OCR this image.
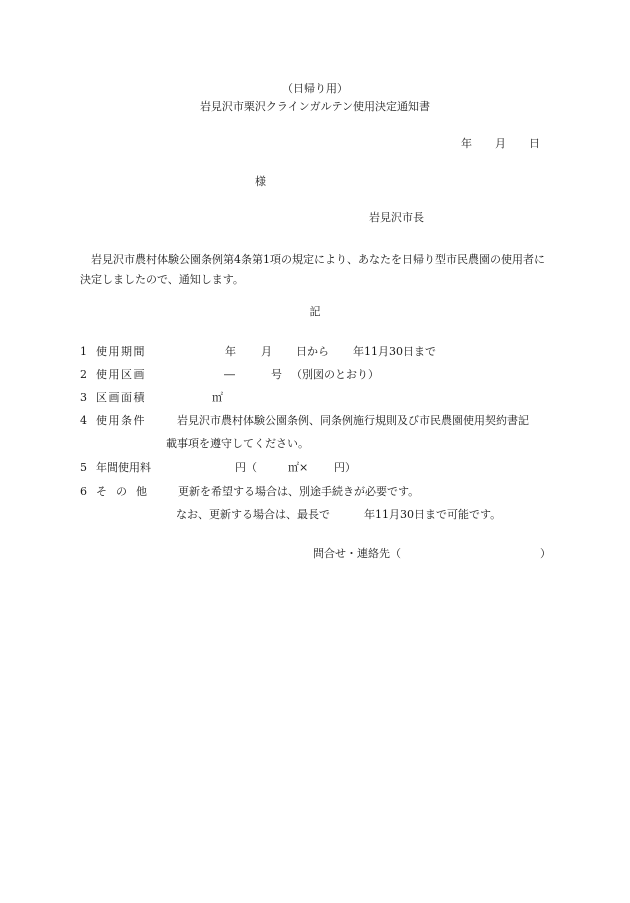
（日帰り用）
岩見沢市栗沢クラインガルテン使用決定通知書
年 月 日
様
岩見沢市長
岩見沢市農村体験公園条例第4条第1項の規定により、あなたを日帰り型市民農園の使用者に決定しましたので、通知します。
記
1 使用期間	年 月 日から 年11月30日まで
2 使用区画	―	号 （別図のとおり）
3 区画面積	㎡
4 使用条件	岩見沢市農村体験公園条例、同条例施行規則及び市民農園使用契約書記
載事項を遵守してください。
5 年間使用料	円（	㎡× 円）
6 その他 更新を希望する場合は、別途手続きが必要です。
なお、更新する場合は、最長で	年11月30日まで可能です。
問合せ・連絡先（	）
